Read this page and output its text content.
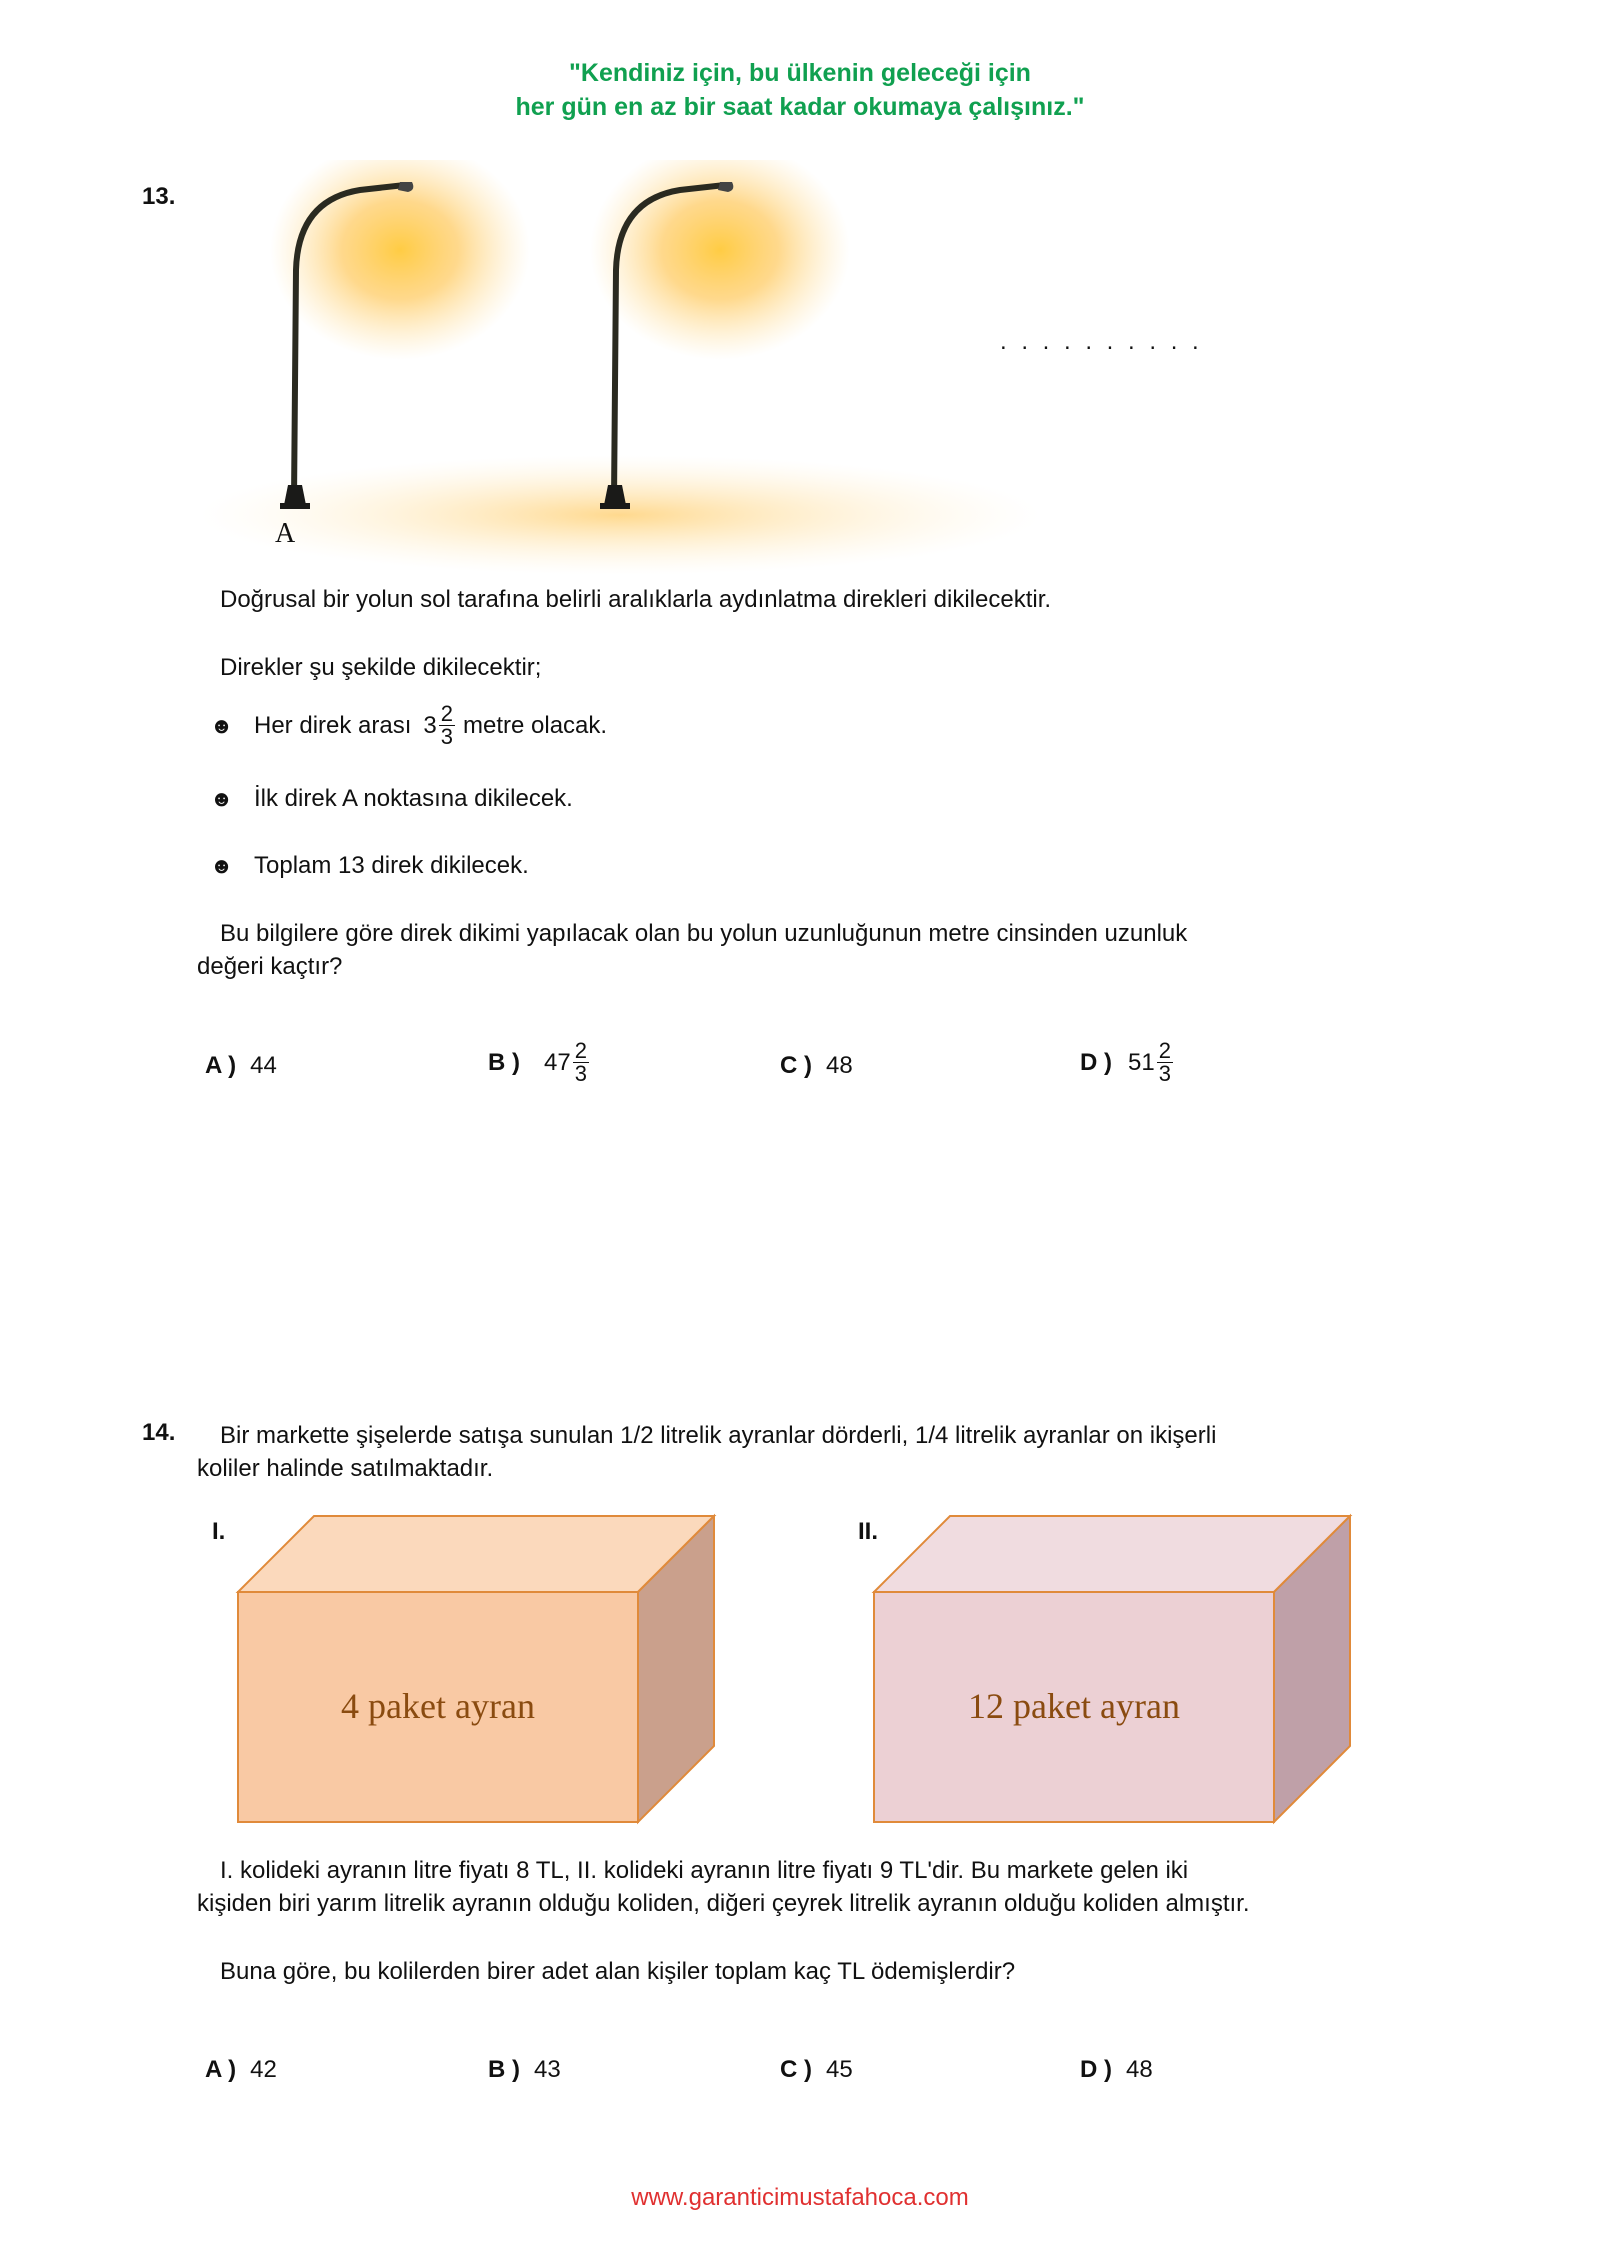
"Kendiniz için, bu ülkenin geleceği için
her gün en az bir saat kadar okumaya çalışınız."
13.
A
. . . . . . . . . .
Doğrusal bir yolun sol tarafına belirli aralıklarla aydınlatma direkleri dikilecektir.
Direkler şu şekilde dikilecektir;
☻ Her direk arası $3 \frac{2}{3}$ metre olacak.
☻ İlk direk A noktasına dikilecek.
☻ Toplam 13 direk dikilecek.
Bu bilgilere göre direk dikimi yapılacak olan bu yolun uzunluğunun metre cinsinden uzunluk
değeri kaçtır?
A ) 44	B ) $47 \frac{2}{3}$	C ) 48	D ) $51 \frac{2}{3}$
14. Bir markette şişelerde satışa sunulan 1/2 litrelik ayranlar dörderli, 1/4 litrelik ayranlar on ikişerli
koliler halinde satılmaktadır.
I.	II.
4 paket ayran	12 paket ayran
I. kolideki ayranın litre fiyatı 8 TL, II. kolideki ayranın litre fiyatı 9 TL'dir. Bu markete gelen iki
kişiden biri yarım litrelik ayranın olduğu koliden, diğeri çeyrek litrelik ayranın olduğu koliden almıştır.
Buna göre, bu kolilerden birer adet alan kişiler toplam kaç TL ödemişlerdir?
A ) 42	B ) 43	C ) 45	D ) 48
www.garanticimustafahoca.com
